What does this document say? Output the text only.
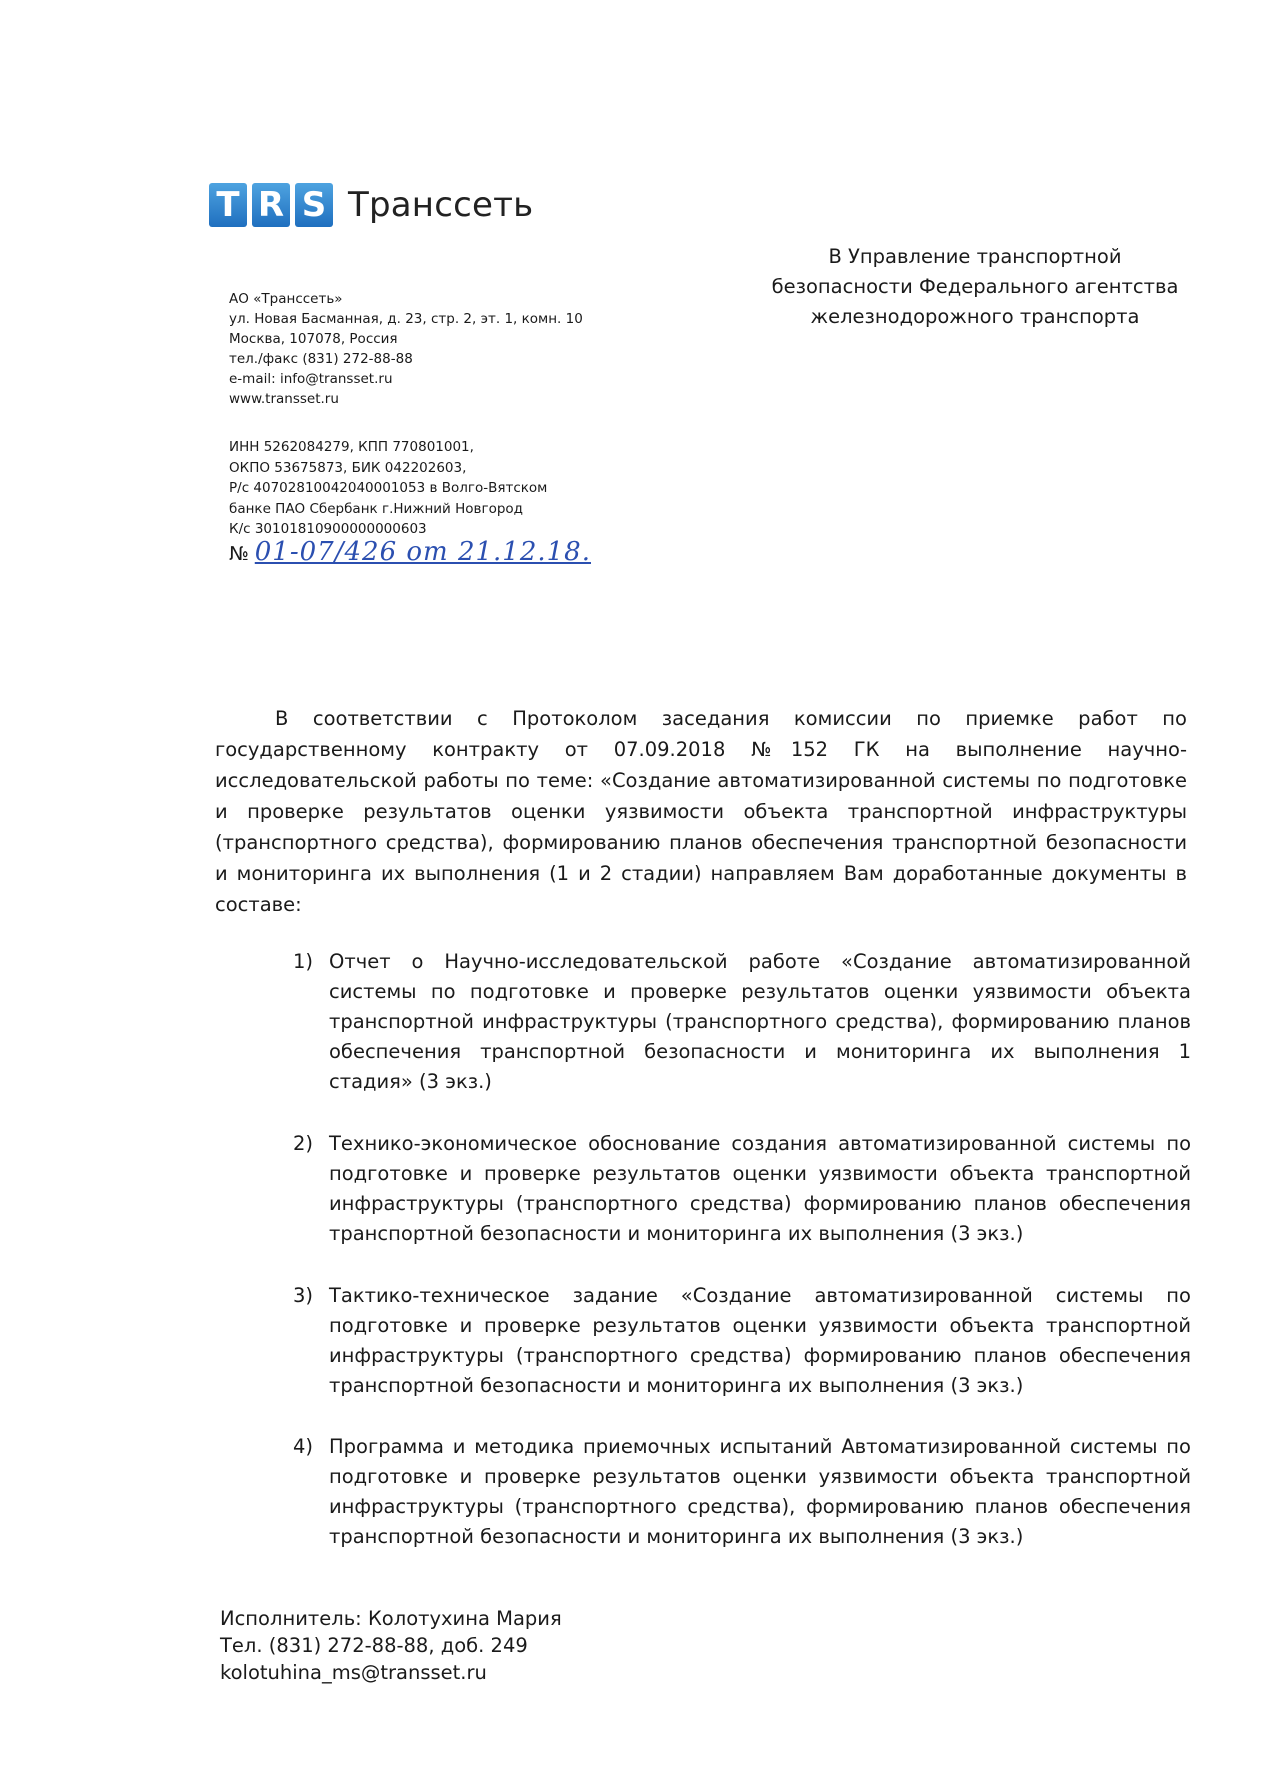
T R S Транссеть
В Управление транспортной
безопасности Федерального агентства
железнодорожного транспорта
АО «Транссеть»
ул. Новая Басманная, д. 23, стр. 2, эт. 1, комн. 10
Москва, 107078, Россия
тел./факс (831) 272-88-88
e-mail: info@transset.ru
www.transset.ru
ИНН 5262084279, КПП 770801001,
ОКПО 53675873, БИК 042202603,
Р/с 40702810042040001053 в Волго-Вятском
банке ПАО Сбербанк г.Нижний Новгород
К/с 30101810900000000603
№ 01-07/426 от 21.12.18.

В соответствии с Протоколом заседания комиссии по приемке работ по государственному контракту от 07.09.2018 №152 ГК на выполнение научно-исследовательской работы по теме: «Создание автоматизированной системы по подготовке и проверке результатов оценки уязвимости объекта транспортной инфраструктуры (транспортного средства), формированию планов обеспечения транспортной безопасности и мониторинга их выполнения (1 и 2 стадии) направляем Вам доработанные документы в составе:

1) Отчет о Научно-исследовательской работе «Создание автоматизированной системы по подготовке и проверке результатов оценки уязвимости объекта транспортной инфраструктуры (транспортного средства), формированию планов обеспечения транспортной безопасности и мониторинга их выполнения 1 стадия» (3 экз.)
2) Технико-экономическое обоснование создания автоматизированной системы по подготовке и проверке результатов оценки уязвимости объекта транспортной инфраструктуры (транспортного средства) формированию планов обеспечения транспортной безопасности и мониторинга их выполнения (3 экз.)
3) Тактико-техническое задание «Создание автоматизированной системы по подготовке и проверке результатов оценки уязвимости объекта транспортной инфраструктуры (транспортного средства) формированию планов обеспечения транспортной безопасности и мониторинга их выполнения (3 экз.)
4) Программа и методика приемочных испытаний Автоматизированной системы по подготовке и проверке результатов оценки уязвимости объекта транспортной инфраструктуры (транспортного средства), формированию планов обеспечения транспортной безопасности и мониторинга их выполнения (3 экз.)
Исполнитель: Колотухина Мария
Тел. (831) 272-88-88, доб. 249
kolotuhina_ms@transset.ru
